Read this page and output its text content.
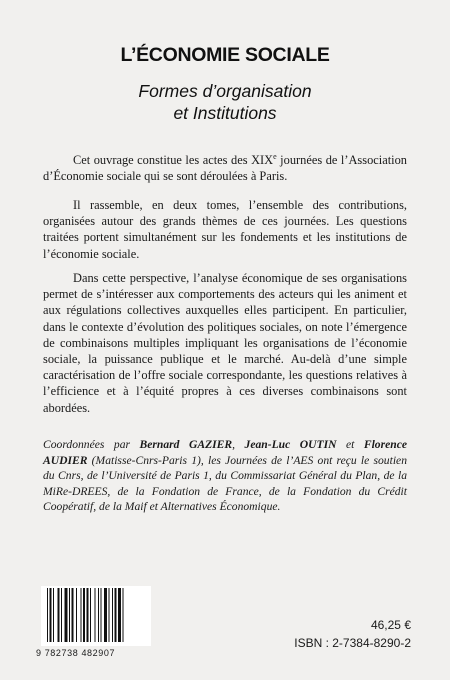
L’ÉCONOMIE SOCIALE
Formes d’organisation
et Institutions

Cet ouvrage constitue les actes des XIXe journées de l’Association d’Économie sociale qui se sont déroulées à Paris.

Il rassemble, en deux tomes, l’ensemble des contributions, organisées autour des grands thèmes de ces journées. Les questions traitées portent simultanément sur les fondements et les institutions de l’économie sociale.

Dans cette perspective, l’analyse économique de ses organisations permet de s’intéresser aux comportements des acteurs qui les animent et aux régulations collectives auxquelles elles participent. En particulier, dans le contexte d’évolution des politiques sociales, on note l’émergence de combinaisons multiples impliquant les organisations de l’économie sociale, la puissance publique et le marché. Au-delà d’une simple caractérisation de l’offre sociale correspondante, les questions relatives à l’efficience et à l’équité propres à ces diverses combinaisons sont abordées.

Coordonnées par Bernard GAZIER, Jean-Luc OUTIN et Florence AUDIER (Matisse-Cnrs-Paris 1), les Journées de l’AES ont reçu le soutien du Cnrs, de l’Université de Paris 1, du Commissariat Général du Plan, de la MiRe-DREES, de la Fondation de France, de la Fondation du Crédit Coopératif, de la Maif et Alternatives Économique.
9 782738 482907
46,25 €
ISBN : 2-7384-8290-2
